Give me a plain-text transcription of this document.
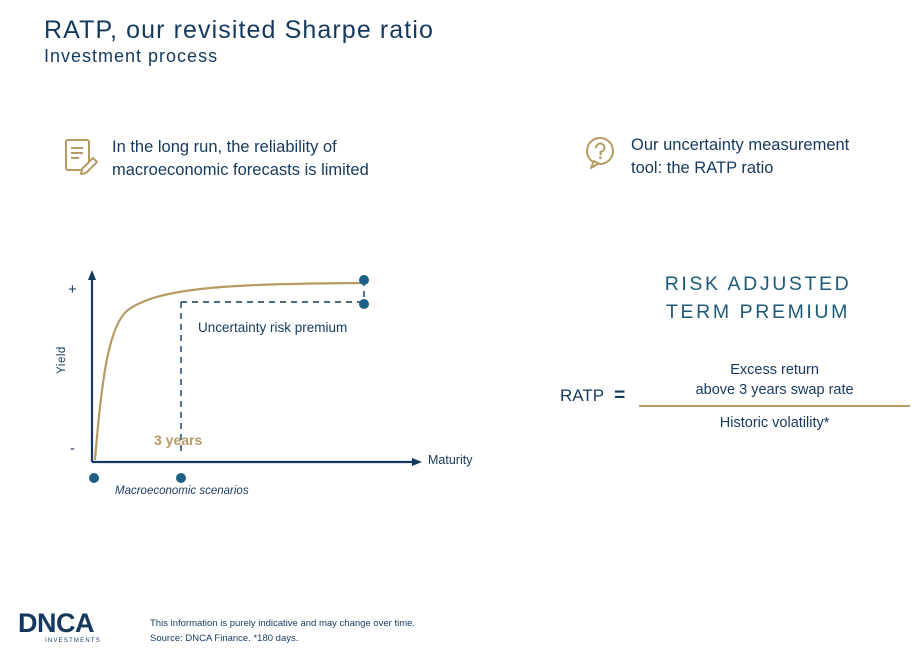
RATP, our revisited Sharpe ratio
Investment process
In the long run, the reliability of
macroeconomic forecasts is limited
Our uncertainty measurement
tool: the RATP ratio
+
-
Yield
Maturity
Uncertainty risk premium
3 years
Macroeconomic scenarios
RISK ADJUSTED
TERM PREMIUM
RATP = Excess return
above 3 years swap rate
Historic volatility*
DNCA
INVESTMENTS
This information is purely indicative and may change over time.
Source: DNCA Finance. *180 days.
